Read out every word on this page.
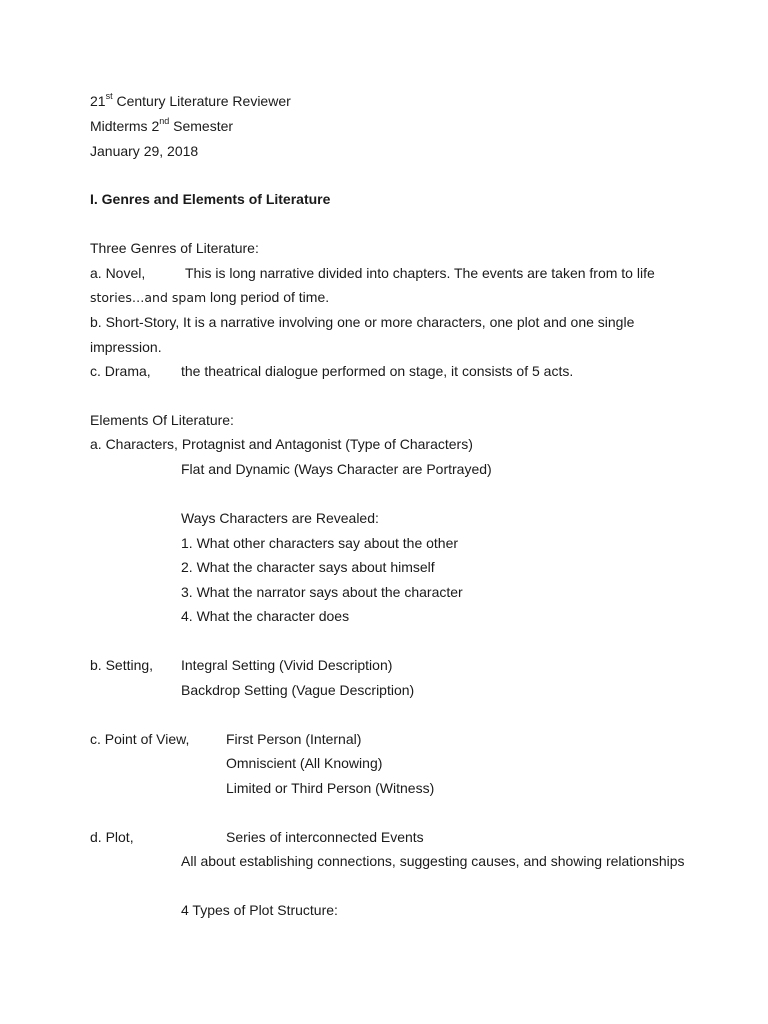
21st Century Literature Reviewer
Midterms 2nd Semester
January 29, 2018
I. Genres and Elements of Literature
Three Genres of Literature:
a. Novel,	This is long narrative divided into chapters. The events are taken from to life
stories…and spam long period of time.
b. Short-Story, It is a narrative involving one or more characters, one plot and one single
impression.
c. Drama, the theatrical dialogue performed on stage, it consists of 5 acts.
Elements Of Literature:
a. Characters, Protagnist and Antagonist (Type of Characters)
Flat and Dynamic (Ways Character are Portrayed)
Ways Characters are Revealed:
1. What other characters say about the other
2. What the character says about himself
3. What the narrator says about the character
4. What the character does
b. Setting, Integral Setting (Vivid Description)
Backdrop Setting (Vague Description)
c. Point of View,	First Person (Internal)
Omniscient (All Knowing)
Limited or Third Person (Witness)
d. Plot,	Series of interconnected Events
All about establishing connections, suggesting causes, and showing relationships
4 Types of Plot Structure:
